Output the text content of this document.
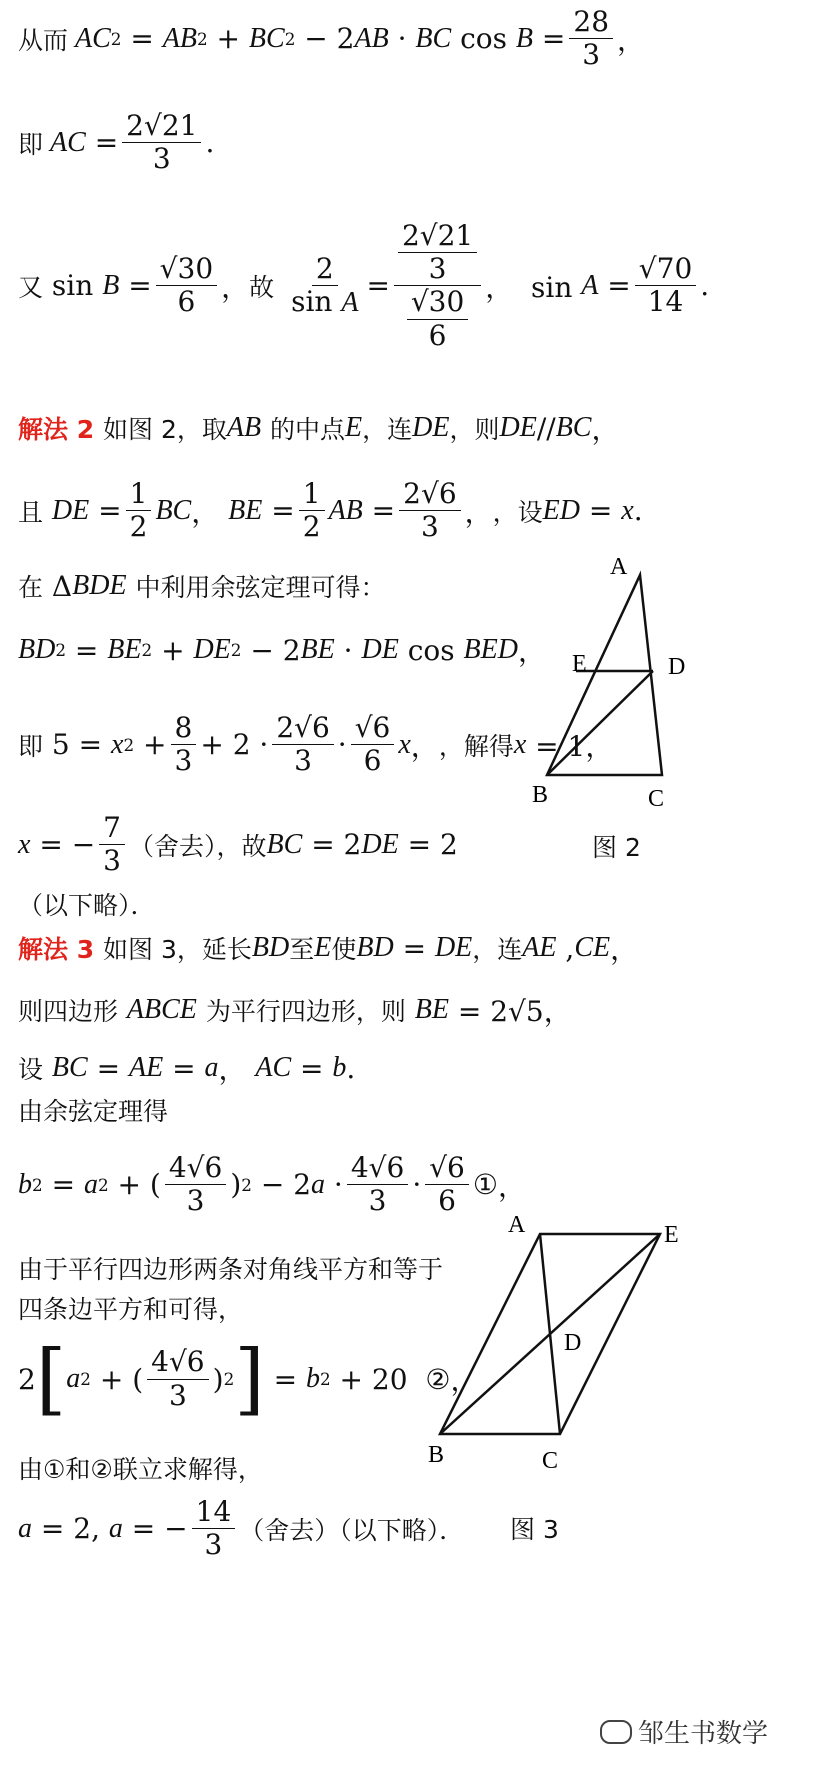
从而 AC 2 = AB 2 + BC 2 − 2 AB · BC $\cos B = \frac{28}{3}$ ，
即 AC = $\frac{2√21}{3}$ .
又 $\sin B = \frac{√30}{6}$ ， 故
$\frac{2}{\text{sin A}} = \frac{\frac{2√21}{3}}{\frac{√30}{6}}$ ，  $\sin A = \frac{√70}{14}$ .
解法 2
如图 2，取 AB
的中点 E ，连 DE ，则 DE // BC ，
且
DE = $\frac{1}{2}$ BC ， BE = $\frac{1}{2}$ AB = $\frac{2√6}{3}$ ， ，设 ED = x .
在 Δ BDE
中利用余弦定理可得：
BD 2 = BE 2 + DE 2 − 2 BE · DE cos BED ，
即 5 = x $2 + \frac{8}{3} + 2 \cdot \frac{2√6}{3} \cdot \frac{√6}{6}$ x ， ，解得 x = 1，
x = − $\frac{7}{3}$ （舍去），故 BC = 2 DE = 2
（以下略）．
A
E	D
B	C
图 2
解法 3
如图 3，延长 BD 至 E 使 BD = DE ，连 AE , CE ，
则四边形
ABCE
为平行四边形，则
BE = 2√5，
设
BC = AE = a ， AC = b .
由余弦定理得
b 2 = a 2 + ( $\frac{4√6}{3}$ ) 2 − 2 $a \cdot \frac{4√6}{3} \cdot \frac{√6}{6}$ ① ，
由于平行四边形两条对角线平方和等于
四条边平方和可得，
2 [ a 2 + ( $\frac{4√6}{3}$ ) 2 ] = b 2 + 20 ② ，
由①和②联立求解得，
a = 2, a = − $\frac{14}{3}$ （舍去）（以下略）．
A	E
D
B	C
图 3
邹生书数学
